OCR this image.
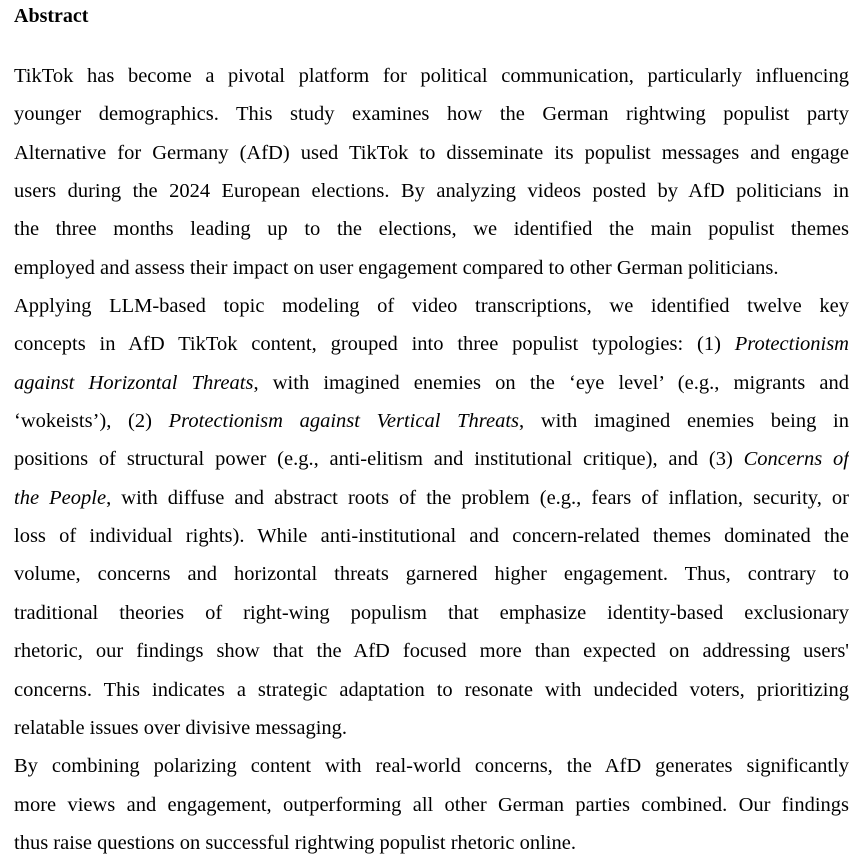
Abstract
TikTok has become a pivotal platform for political communication, particularly influencing
younger demographics. This study examines how the German rightwing populist party
Alternative for Germany (AfD) used TikTok to disseminate its populist messages and engage
users during the 2024 European elections. By analyzing videos posted by AfD politicians in
the three months leading up to the elections, we identified the main populist themes
employed and assess their impact on user engagement compared to other German politicians.
Applying LLM-based topic modeling of video transcriptions, we identified twelve key
concepts in AfD TikTok content, grouped into three populist typologies: (1) Protectionism
against Horizontal Threats, with imagined enemies on the ‘eye level’ (e.g., migrants and
‘wokeists’), (2) Protectionism against Vertical Threats, with imagined enemies being in
positions of structural power (e.g., anti-elitism and institutional critique), and (3) Concerns of
the People, with diffuse and abstract roots of the problem (e.g., fears of inflation, security, or
loss of individual rights). While anti-institutional and concern-related themes dominated the
volume, concerns and horizontal threats garnered higher engagement. Thus, contrary to
traditional theories of right-wing populism that emphasize identity-based exclusionary
rhetoric, our findings show that the AfD focused more than expected on addressing users'
concerns. This indicates a strategic adaptation to resonate with undecided voters, prioritizing
relatable issues over divisive messaging.
By combining polarizing content with real-world concerns, the AfD generates significantly
more views and engagement, outperforming all other German parties combined. Our findings
thus raise questions on successful rightwing populist rhetoric online.
